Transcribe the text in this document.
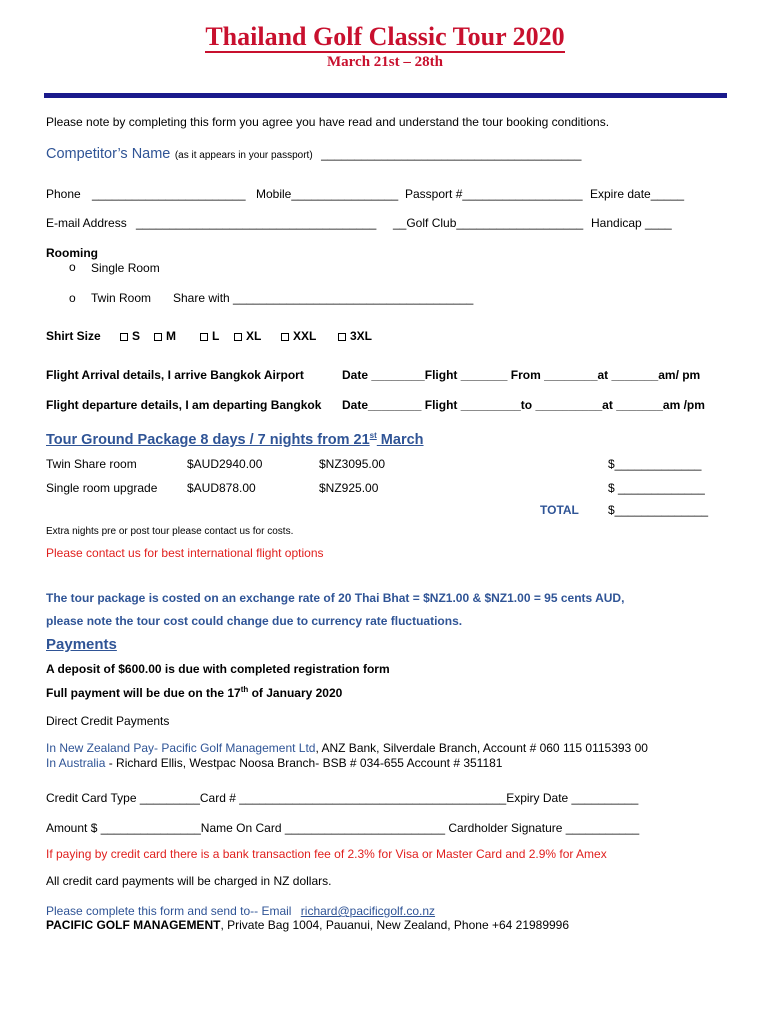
Thailand Golf Classic Tour 2020
March 21st – 28th
Please note by completing this form you agree you have read and understand the tour booking conditions.
Competitor’s Name (as it appears in your passport) _______________________________________
Phone _______________________ Mobile________________ Passport #__________________ Expire date_____
E-mail Address ____________________________________ __Golf Club___________________ Handicap ____
Rooming
o Single Room
o Twin Room Share with ____________________________________
Shirt Size	S	M	L	XL	XXL	3XL
Flight Arrival details, I arrive Bangkok Airport	Date ________Flight _______ From ________at _______am/ pm
Flight departure details, I am departing Bangkok Date________ Flight _________to __________at _______am /pm
Tour Ground Package 8 days / 7 nights from 21st March
Twin Share room	$AUD2940.00	$NZ3095.00	$_____________
Single room upgrade $AUD878.00	$NZ925.00	$ _____________
TOTAL $______________
Extra nights pre or post tour please contact us for costs.
Please contact us for best international flight options
The tour package is costed on an exchange rate of 20 Thai Bhat = $NZ1.00 & $NZ1.00 = 95 cents AUD,
please note the tour cost could change due to currency rate fluctuations.
Payments
A deposit of $600.00 is due with completed registration form
Full payment will be due on the 17th of January 2020
Direct Credit Payments
In New Zealand Pay- Pacific Golf Management Ltd, ANZ Bank, Silverdale Branch, Account # 060 115 0115393 00
In Australia - Richard Ellis, Westpac Noosa Branch- BSB # 034-655 Account # 351181
Credit Card Type _________Card # ________________________________________Expiry Date __________
Amount $ _______________Name On Card ________________________ Cardholder Signature ___________
If paying by credit card there is a bank transaction fee of 2.3% for Visa or Master Card and 2.9% for Amex
All credit card payments will be charged in NZ dollars.
Please complete this form and send to-- Email richard@pacificgolf.co.nz
PACIFIC GOLF MANAGEMENT, Private Bag 1004, Pauanui, New Zealand, Phone +64 21989996
